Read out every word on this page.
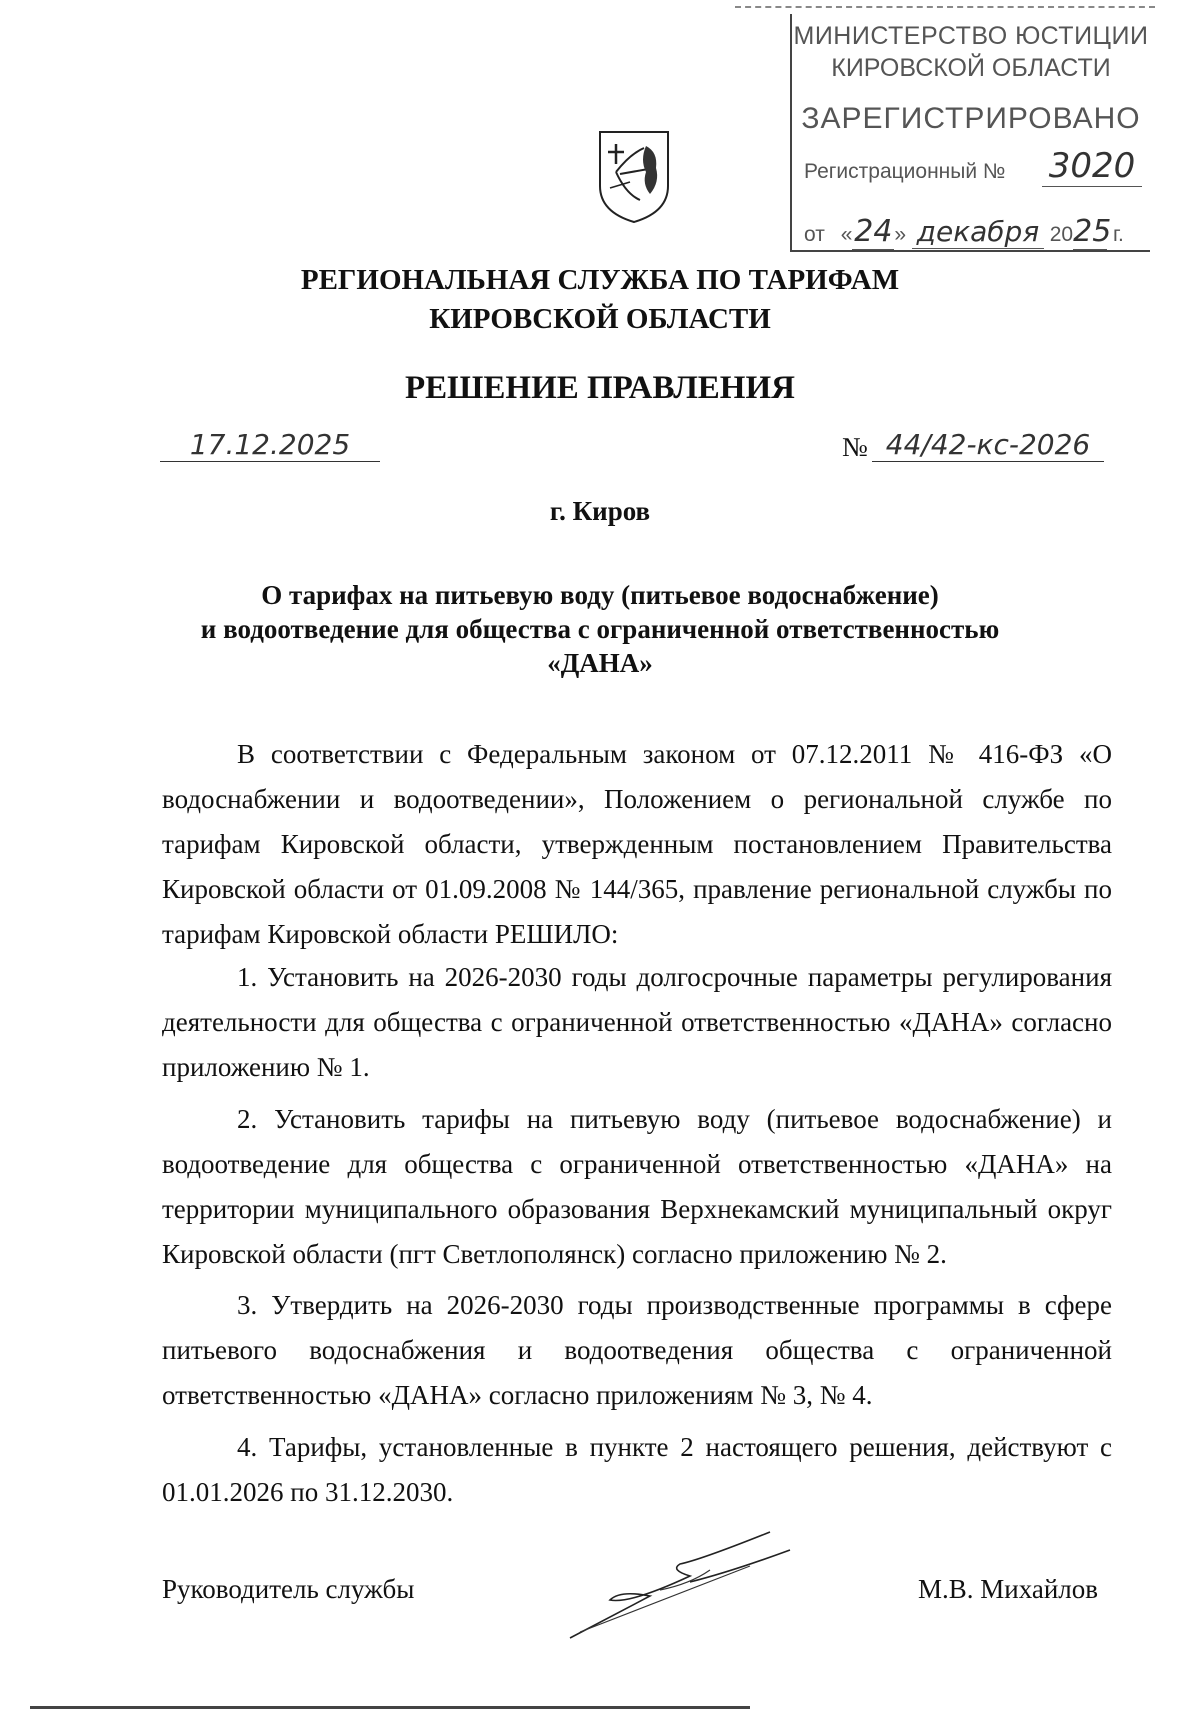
МИНИСТЕРСТВО ЮСТИЦИИ
КИРОВСКОЙ ОБЛАСТИ
ЗАРЕГИСТРИРОВАНО
Регистрационный № 3020
от «24» декабря 2025 г.
РЕГИОНАЛЬНАЯ СЛУЖБА ПО ТАРИФАМ
КИРОВСКОЙ ОБЛАСТИ
РЕШЕНИЕ ПРАВЛЕНИЯ
17.12.2025	№ 44/42-кс-2026
г. Киров
О тарифах на питьевую воду (питьевое водоснабжение)
и водоотведение для общества с ограниченной ответственностью
«ДАНА»
В соответствии с Федеральным законом от 07.12.2011 № 416-ФЗ «О водоснабжении и водоотведении», Положением о региональной службе по тарифам Кировской области, утвержденным постановлением Правительства Кировской области от 01.09.2008 № 144/365, правление региональной службы по тарифам Кировской области РЕШИЛО:
1. Установить на 2026-2030 годы долгосрочные параметры регулирования деятельности для общества с ограниченной ответственностью «ДАНА» согласно приложению № 1.
2. Установить тарифы на питьевую воду (питьевое водоснабжение) и водоотведение для общества с ограниченной ответственностью «ДАНА» на территории муниципального образования Верхнекамский муниципальный округ Кировской области (пгт Светлополянск) согласно приложению № 2.
3. Утвердить на 2026-2030 годы производственные программы в сфере питьевого водоснабжения и водоотведения общества с ограниченной ответственностью «ДАНА» согласно приложениям № 3, № 4.
4. Тарифы, установленные в пункте 2 настоящего решения, действуют с 01.01.2026 по 31.12.2030.
Руководитель службы	М.В. Михайлов
